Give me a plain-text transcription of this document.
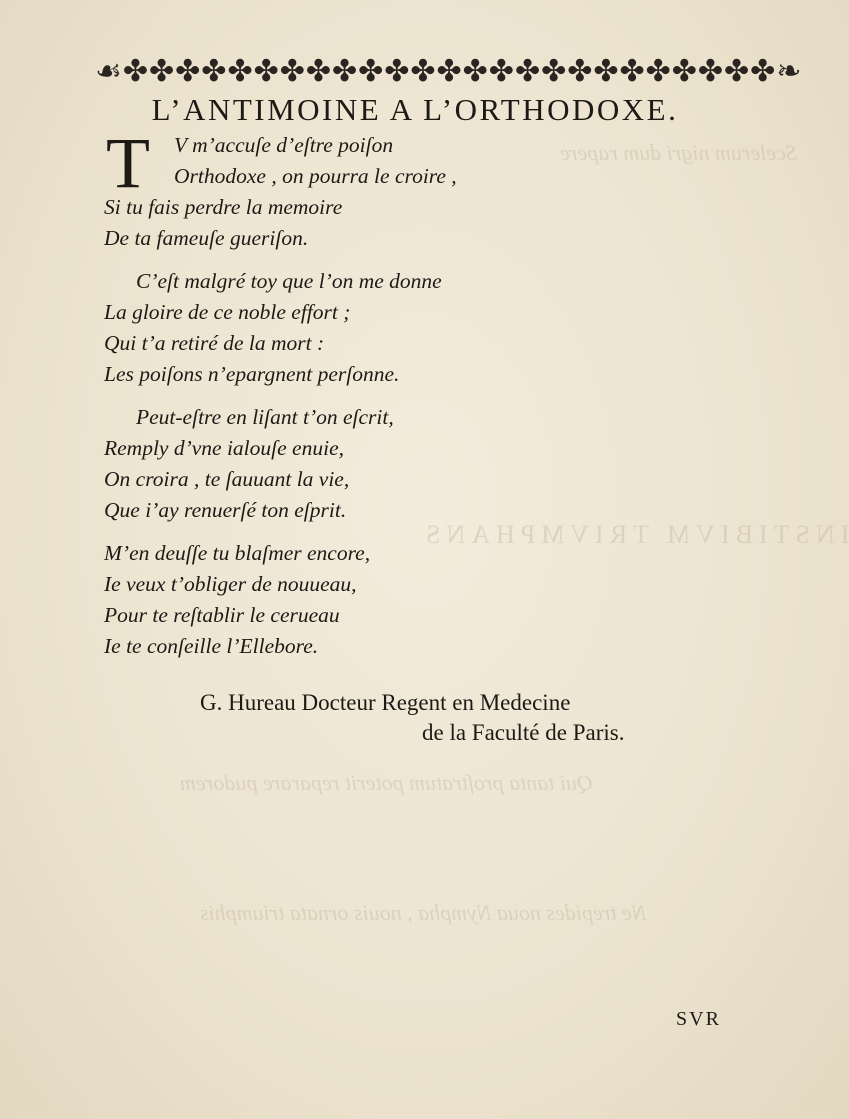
Scelerum nigri dum rapere
INSTIBIVM TRIVMPHANS
Qui tanta proſtratum poterit reparare pudorem
Ne trepides noua Nympha , nouis ornata triumphis
☙✤✤✤✤✤✤✤✤✤✤✤✤✤✤✤✤✤✤✤✤✤✤✤✤✤❧
L’ANTIMOINE A L’ORTHODOXE.
T	V m’accuſe d’eſtre poiſon
Orthodoxe , on pourra le croire ,
Si tu fais perdre la memoire
De ta fameuſe gueriſon.
C’eſt malgré toy que l’on me donne
La gloire de ce noble effort ;
Qui t’a retiré de la mort :
Les poiſons n’epargnent perſonne.
Peut-eſtre en liſant t’on eſcrit,
Remply d’vne ialouſe enuie,
On croira , te ſauuant la vie,
Que i’ay renuerſé ton eſprit.
M’en deuſſe tu blaſmer encore,
Ie veux t’obliger de nouueau,
Pour te reſtablir le cerueau
Ie te conſeille l’Ellebore.
G. Hureau Docteur Regent en Medecine
de la Faculté de Paris.
SVR
